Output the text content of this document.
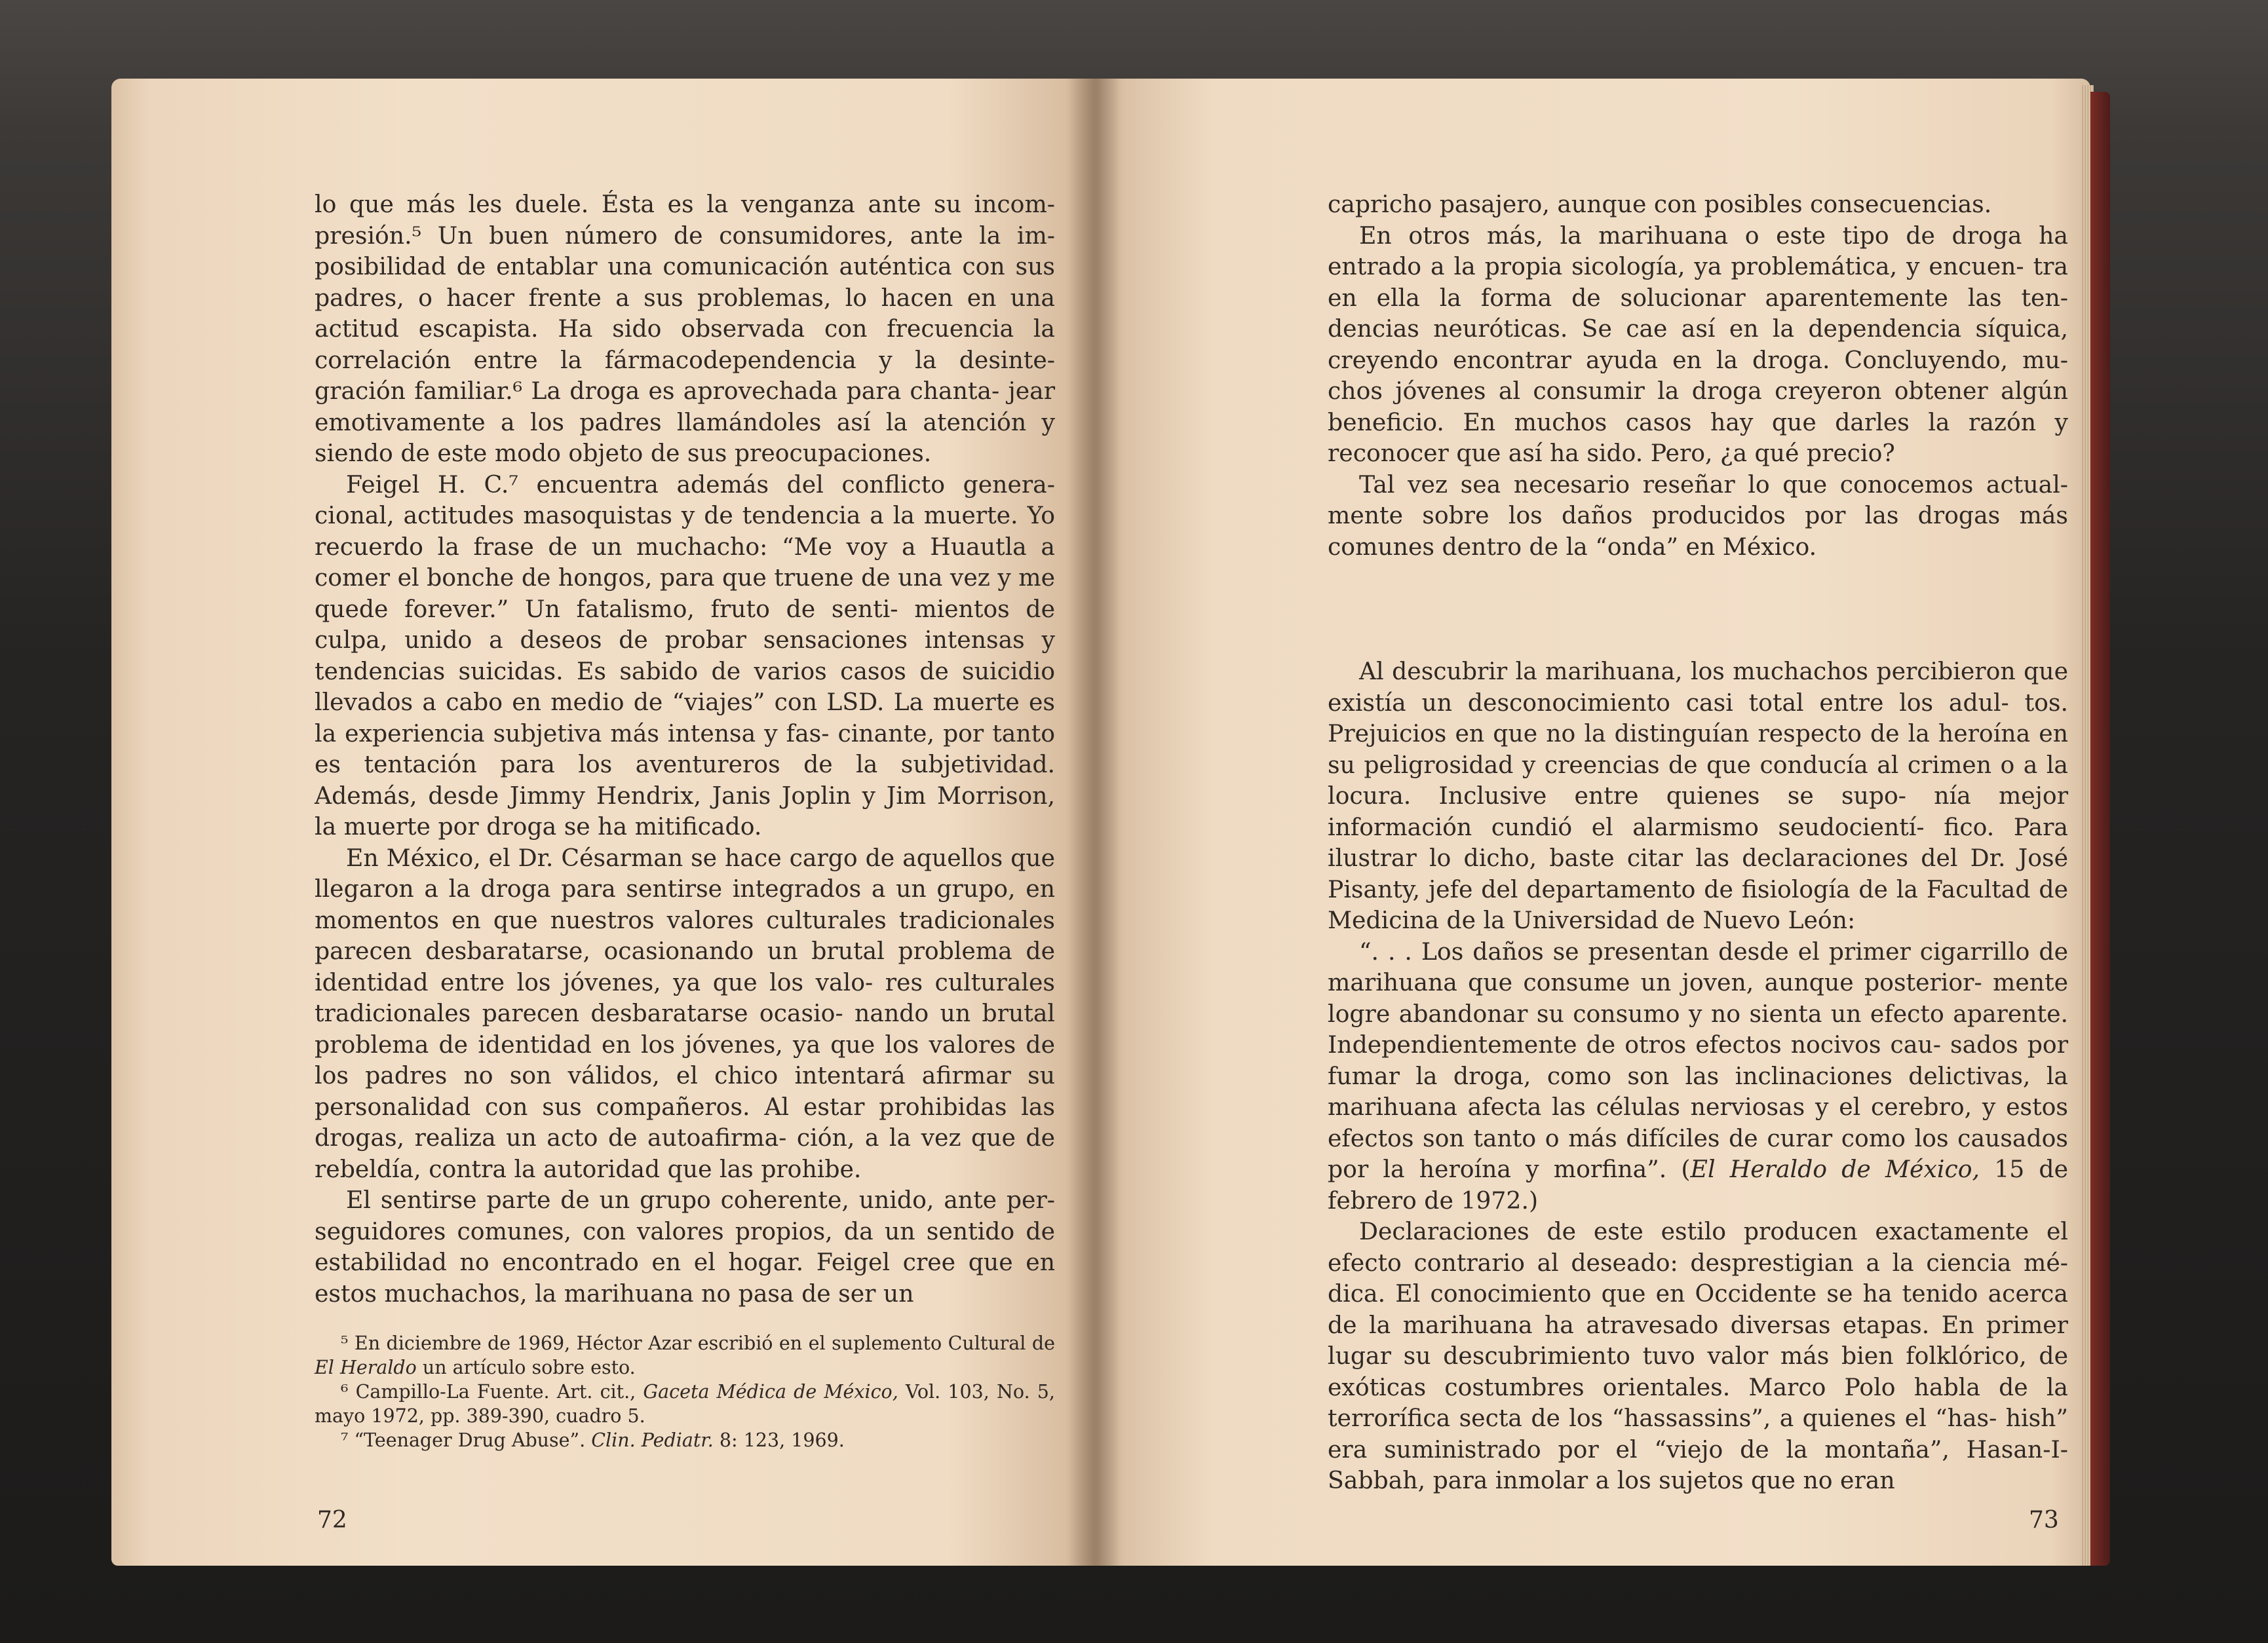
lo que más les duele. Ésta es la venganza ante su incom- presión.⁵ Un buen número de consumidores, ante la im- posibilidad de entablar una comunicación auténtica con sus padres, o hacer frente a sus problemas, lo hacen en una actitud escapista. Ha sido observada con frecuencia la correlación entre la fármacodependencia y la desinte- gración familiar.⁶ La droga es aprovechada para chanta- jear emotivamente a los padres llamándoles así la atención y siendo de este modo objeto de sus preocupaciones.

Feigel H. C.⁷ encuentra además del conflicto genera- cional, actitudes masoquistas y de tendencia a la muerte. Yo recuerdo la frase de un muchacho: “Me voy a Huautla a comer el bonche de hongos, para que truene de una vez y me quede forever.” Un fatalismo, fruto de senti- mientos de culpa, unido a deseos de probar sensaciones intensas y tendencias suicidas. Es sabido de varios casos de suicidio llevados a cabo en medio de “viajes” con LSD. La muerte es la experiencia subjetiva más intensa y fas- cinante, por tanto es tentación para los aventureros de la subjetividad. Además, desde Jimmy Hendrix, Janis Joplin y Jim Morrison, la muerte por droga se ha mitificado.

En México, el Dr. Césarman se hace cargo de aquellos que llegaron a la droga para sentirse integrados a un grupo, en momentos en que nuestros valores culturales tradicionales parecen desbaratarse, ocasionando un brutal problema de identidad entre los jóvenes, ya que los valo- res culturales tradicionales parecen desbaratarse ocasio- nando un brutal problema de identidad en los jóvenes, ya que los valores de los padres no son válidos, el chico intentará afirmar su personalidad con sus compañeros. Al estar prohibidas las drogas, realiza un acto de autoafirma- ción, a la vez que de rebeldía, contra la autoridad que las prohibe.

El sentirse parte de un grupo coherente, unido, ante per- seguidores comunes, con valores propios, da un sentido de estabilidad no encontrado en el hogar. Feigel cree que en estos muchachos, la marihuana no pasa de ser un

⁵ En diciembre de 1969, Héctor Azar escribió en el suplemento Cultural de El Heraldo un artículo sobre esto.

⁶ Campillo-La Fuente. Art. cit., Gaceta Médica de México, Vol. 103, No. 5, mayo 1972, pp. 389-390, cuadro 5.

⁷ “Teenager Drug Abuse”. Clin. Pediatr. 8: 123, 1969.

72

capricho pasajero, aunque con posibles consecuencias.

En otros más, la marihuana o este tipo de droga ha entrado a la propia sicología, ya problemática, y encuen- tra en ella la forma de solucionar aparentemente las ten- dencias neuróticas. Se cae así en la dependencia síquica, creyendo encontrar ayuda en la droga. Concluyendo, mu- chos jóvenes al consumir la droga creyeron obtener algún beneficio. En muchos casos hay que darles la razón y reconocer que así ha sido. Pero, ¿a qué precio?

Tal vez sea necesario reseñar lo que conocemos actual- mente sobre los daños producidos por las drogas más comunes dentro de la “onda” en México.

Al descubrir la marihuana, los muchachos percibieron que existía un desconocimiento casi total entre los adul- tos. Prejuicios en que no la distinguían respecto de la heroína en su peligrosidad y creencias de que conducía al crimen o a la locura. Inclusive entre quienes se supo- nía mejor información cundió el alarmismo seudocientí- fico. Para ilustrar lo dicho, baste citar las declaraciones del Dr. José Pisanty, jefe del departamento de fisiología de la Facultad de Medicina de la Universidad de Nuevo León:

“. . . Los daños se presentan desde el primer cigarrillo de marihuana que consume un joven, aunque posterior- mente logre abandonar su consumo y no sienta un efecto aparente. Independientemente de otros efectos nocivos cau- sados por fumar la droga, como son las inclinaciones delictivas, la marihuana afecta las células nerviosas y el cerebro, y estos efectos son tanto o más difíciles de curar como los causados por la heroína y morfina”. (El Heraldo de México, 15 de febrero de 1972.)

Declaraciones de este estilo producen exactamente el efecto contrario al deseado: desprestigian a la ciencia mé- dica. El conocimiento que en Occidente se ha tenido acerca de la marihuana ha atravesado diversas etapas. En primer lugar su descubrimiento tuvo valor más bien folklórico, de exóticas costumbres orientales. Marco Polo habla de la terrorífica secta de los “hassassins”, a quienes el “has- hish” era suministrado por el “viejo de la montaña”, Hasan-I-Sabbah, para inmolar a los sujetos que no eran

73
